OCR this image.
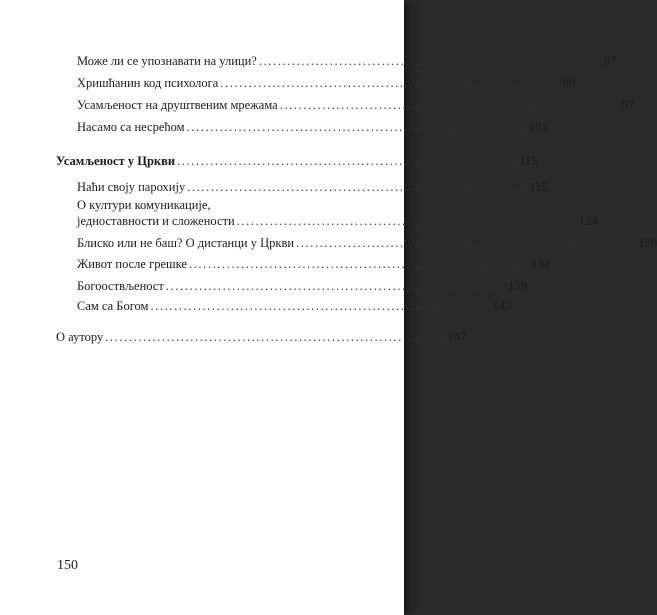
Може ли се упознавати на улици? ........................................................................ .87
Хришћанин код психолога ........................................................................ 90
Усамљеност на друштвеним мрежама ........................................................................ 97
Насамо са несрећом ........................................................................ 103
Усамљеност у Цркви ........................................................................ 115
Наћи своју парохију ........................................................................ 115
О култури комуникације,
једноставности и сложености ........................................................................ 124
Блиско или не баш? О дистанци у Цркви ........................................................................ 130
Живот после грешке ........................................................................ 134
Богооствљеност ........................................................................ 139
Сам са Богом ........................................................................ 143
О аутору ........................................................................ 147
150
